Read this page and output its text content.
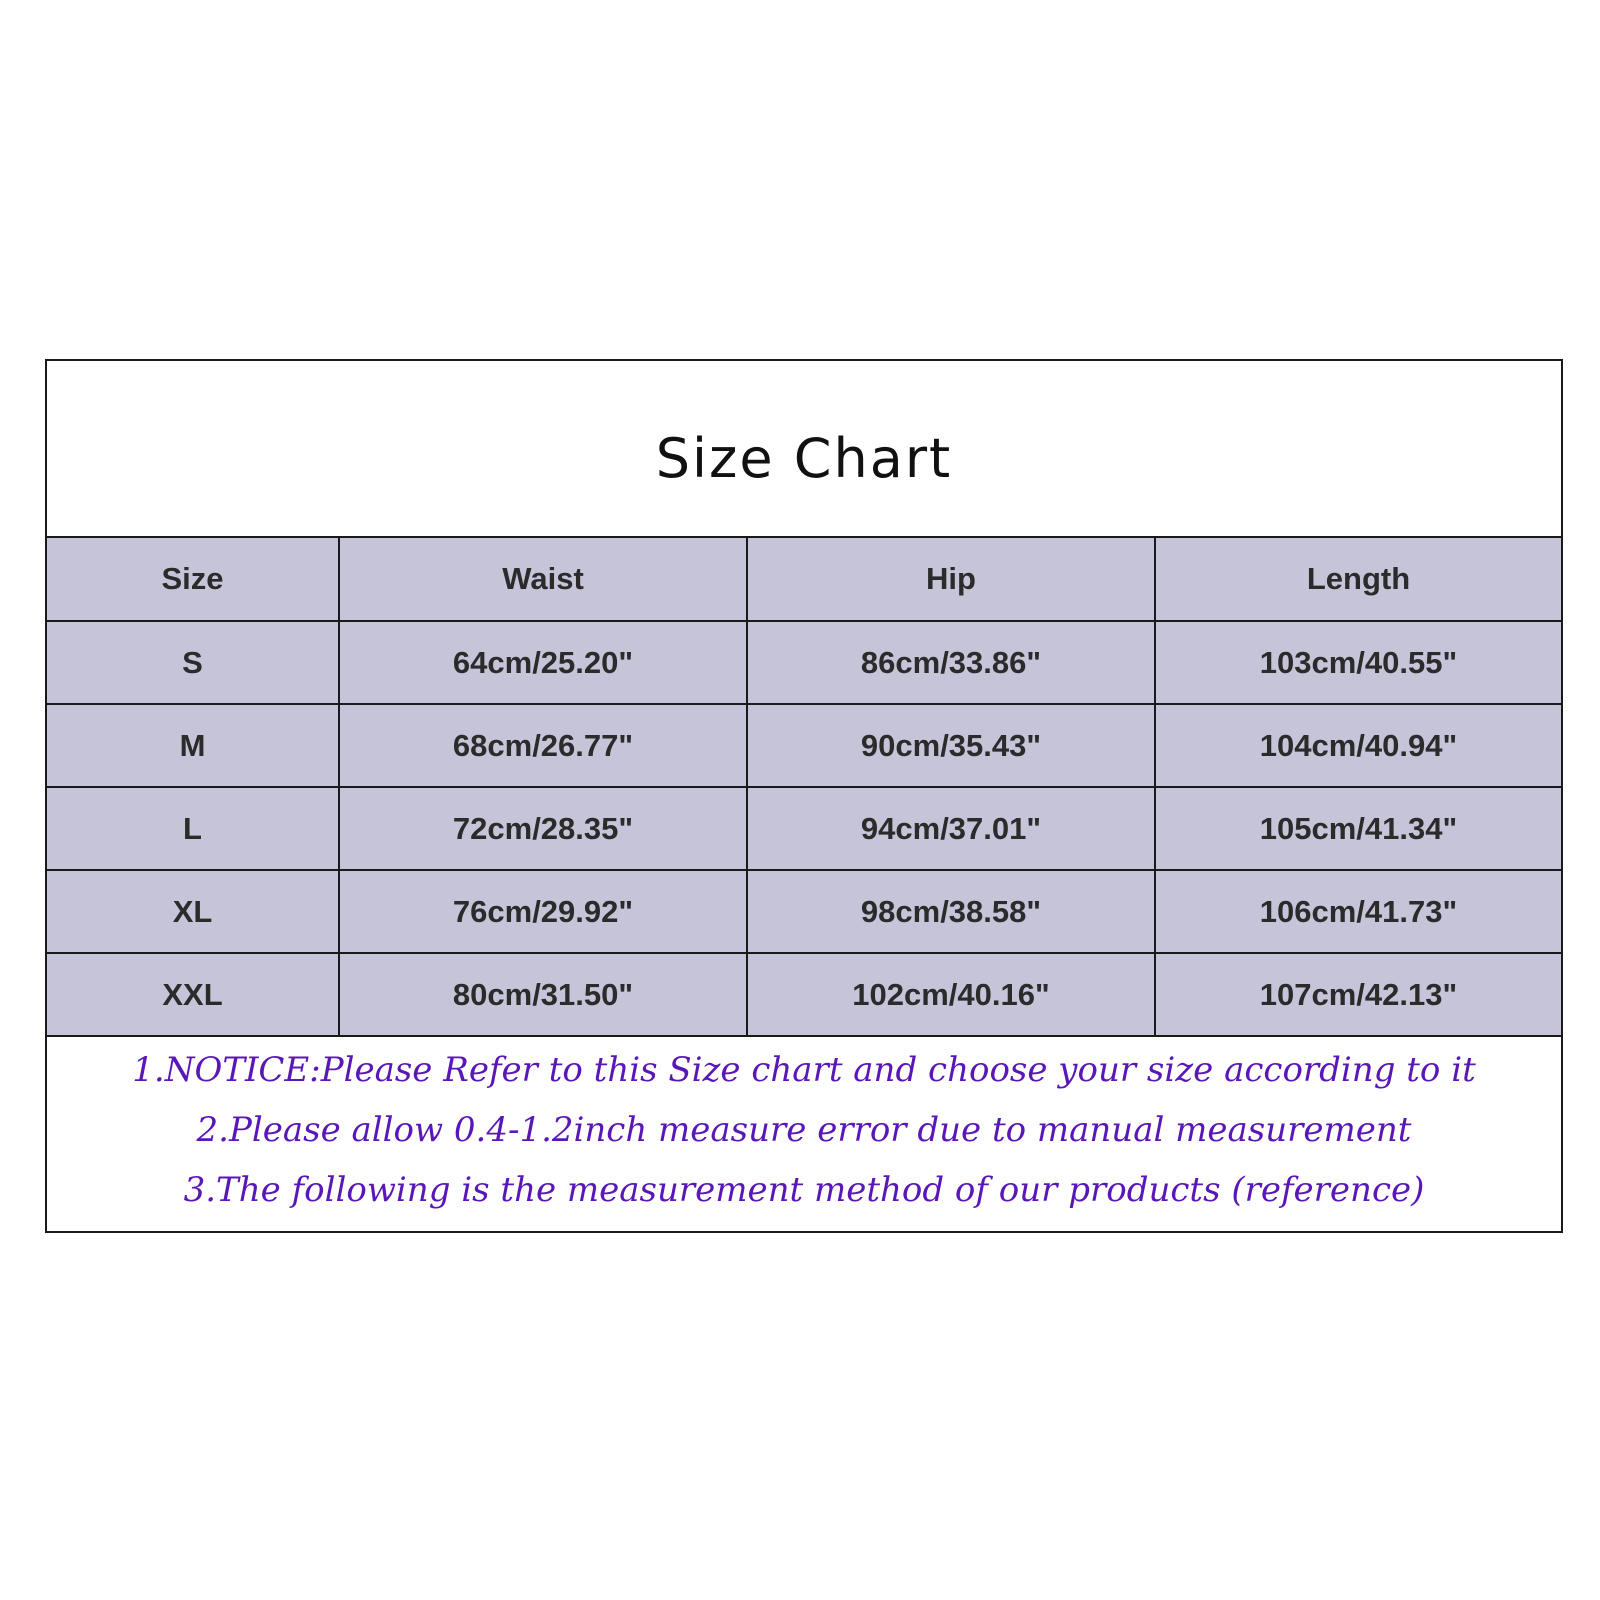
Size Chart
Size	Waist	Hip	Length
S	64cm/25.20"	86cm/33.86"	103cm/40.55"
M	68cm/26.77"	90cm/35.43"	104cm/40.94"
L	72cm/28.35"	94cm/37.01"	105cm/41.34"
XL	76cm/29.92"	98cm/38.58"	106cm/41.73"
XXL	80cm/31.50"	102cm/40.16"	107cm/42.13"
1.NOTICE:Please Refer to this Size chart and choose your size according to it
2.Please allow 0.4-1.2inch measure error due to manual measurement
3.The following is the measurement method of our products (reference)
